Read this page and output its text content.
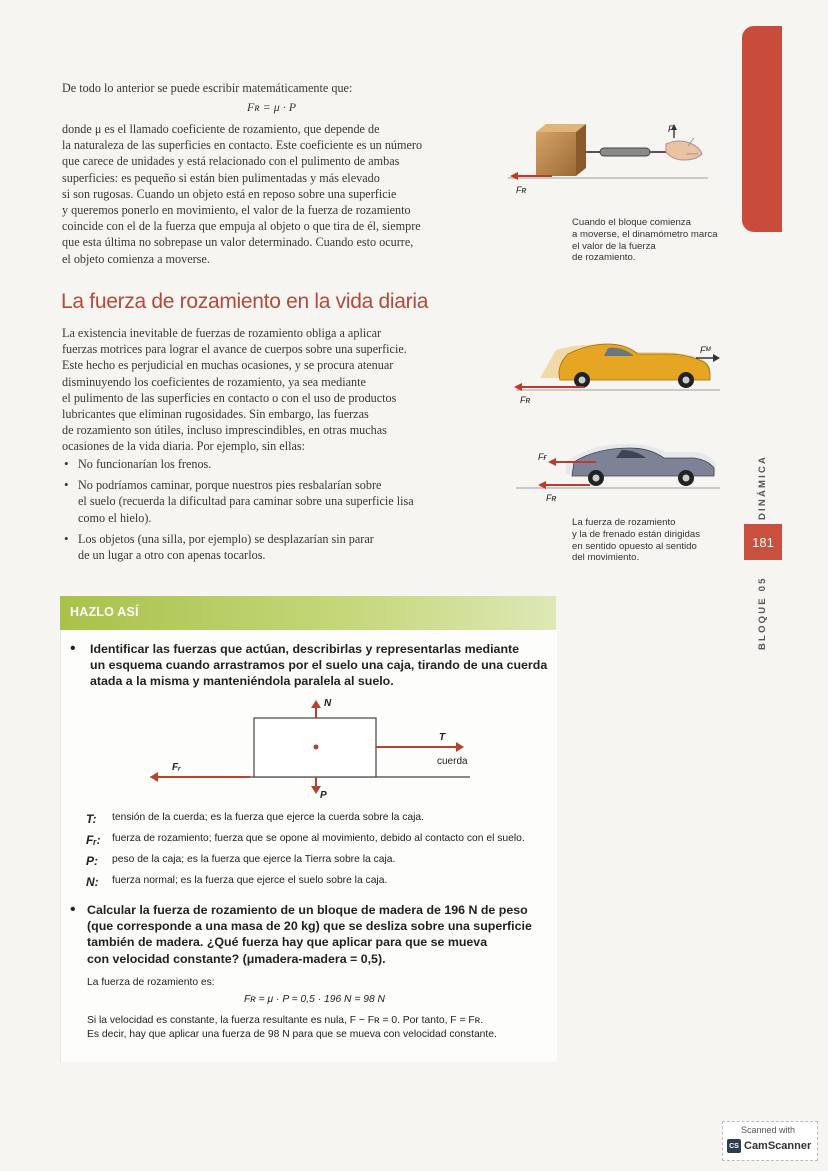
De todo lo anterior se puede escribir matemáticamente que:
Fʀ = μ · P
donde μ es el llamado coeficiente de rozamiento, que depende de
la naturaleza de las superficies en contacto. Este coeficiente es un número
que carece de unidades y está relacionado con el pulimento de ambas
superficies: es pequeño si están bien pulimentadas y más elevado
si son rugosas. Cuando un objeto está en reposo sobre una superficie
y queremos ponerlo en movimiento, el valor de la fuerza de rozamiento
coincide con el de la fuerza que empuja al objeto o que tira de él, siempre
que esta última no sobrepase un valor determinado. Cuando esto ocurre,
el objeto comienza a moverse.
F
Fʀ
Cuando el bloque comienza
a moverse, el dinamómetro marca
el valor de la fuerza
de rozamiento.
La fuerza de rozamiento en la vida diaria
La existencia inevitable de fuerzas de rozamiento obliga a aplicar
fuerzas motrices para lograr el avance de cuerpos sobre una superficie.
Este hecho es perjudicial en muchas ocasiones, y se procura atenuar
disminuyendo los coeficientes de rozamiento, ya sea mediante
el pulimento de las superficies en contacto o con el uso de productos
lubricantes que eliminan rugosidades. Sin embargo, las fuerzas
de rozamiento son útiles, incluso imprescindibles, en otras muchas
ocasiones de la vida diaria. Por ejemplo, sin ellas:
• No funcionarían los frenos.
• No podríamos caminar, porque nuestros pies resbalarían sobre
el suelo (recuerda la dificultad para caminar sobre una superficie lisa
como el hielo).
• Los objetos (una silla, por ejemplo) se desplazarían sin parar
de un lugar a otro con apenas tocarlos.
Fᴹ
Fʀ
Fғ
Fʀ
La fuerza de rozamiento
y la de frenado están dirigidas
en sentido opuesto al sentido
del movimiento.
DINÁMICA
181
BLOQUE 05
HAZLO ASÍ
• Identificar las fuerzas que actúan, describirlas y representarlas mediante
un esquema cuando arrastramos por el suelo una caja, tirando de una cuerda
atada a la misma y manteniéndola paralela al suelo.
N
P
T
Fᵣ
cuerda
T:	tensión de la cuerda; es la fuerza que ejerce la cuerda sobre la caja.
Fᵣ:	fuerza de rozamiento; fuerza que se opone al movimiento, debido al contacto con el suelo.
P:	peso de la caja; es la fuerza que ejerce la Tierra sobre la caja.
N:	fuerza normal; es la fuerza que ejerce el suelo sobre la caja.
• Calcular la fuerza de rozamiento de un bloque de madera de 196 N de peso
(que corresponde a una masa de 20 kg) que se desliza sobre una superficie
también de madera. ¿Qué fuerza hay que aplicar para que se mueva
con velocidad constante? (μmadera-madera = 0,5).
La fuerza de rozamiento es:
Fʀ = μ · P = 0,5 · 196 N = 98 N
Si la velocidad es constante, la fuerza resultante es nula, F − Fʀ = 0. Por tanto, F = Fʀ.
Es decir, hay que aplicar una fuerza de 98 N para que se mueva con velocidad constante.
Scanned with
CS CamScanner
